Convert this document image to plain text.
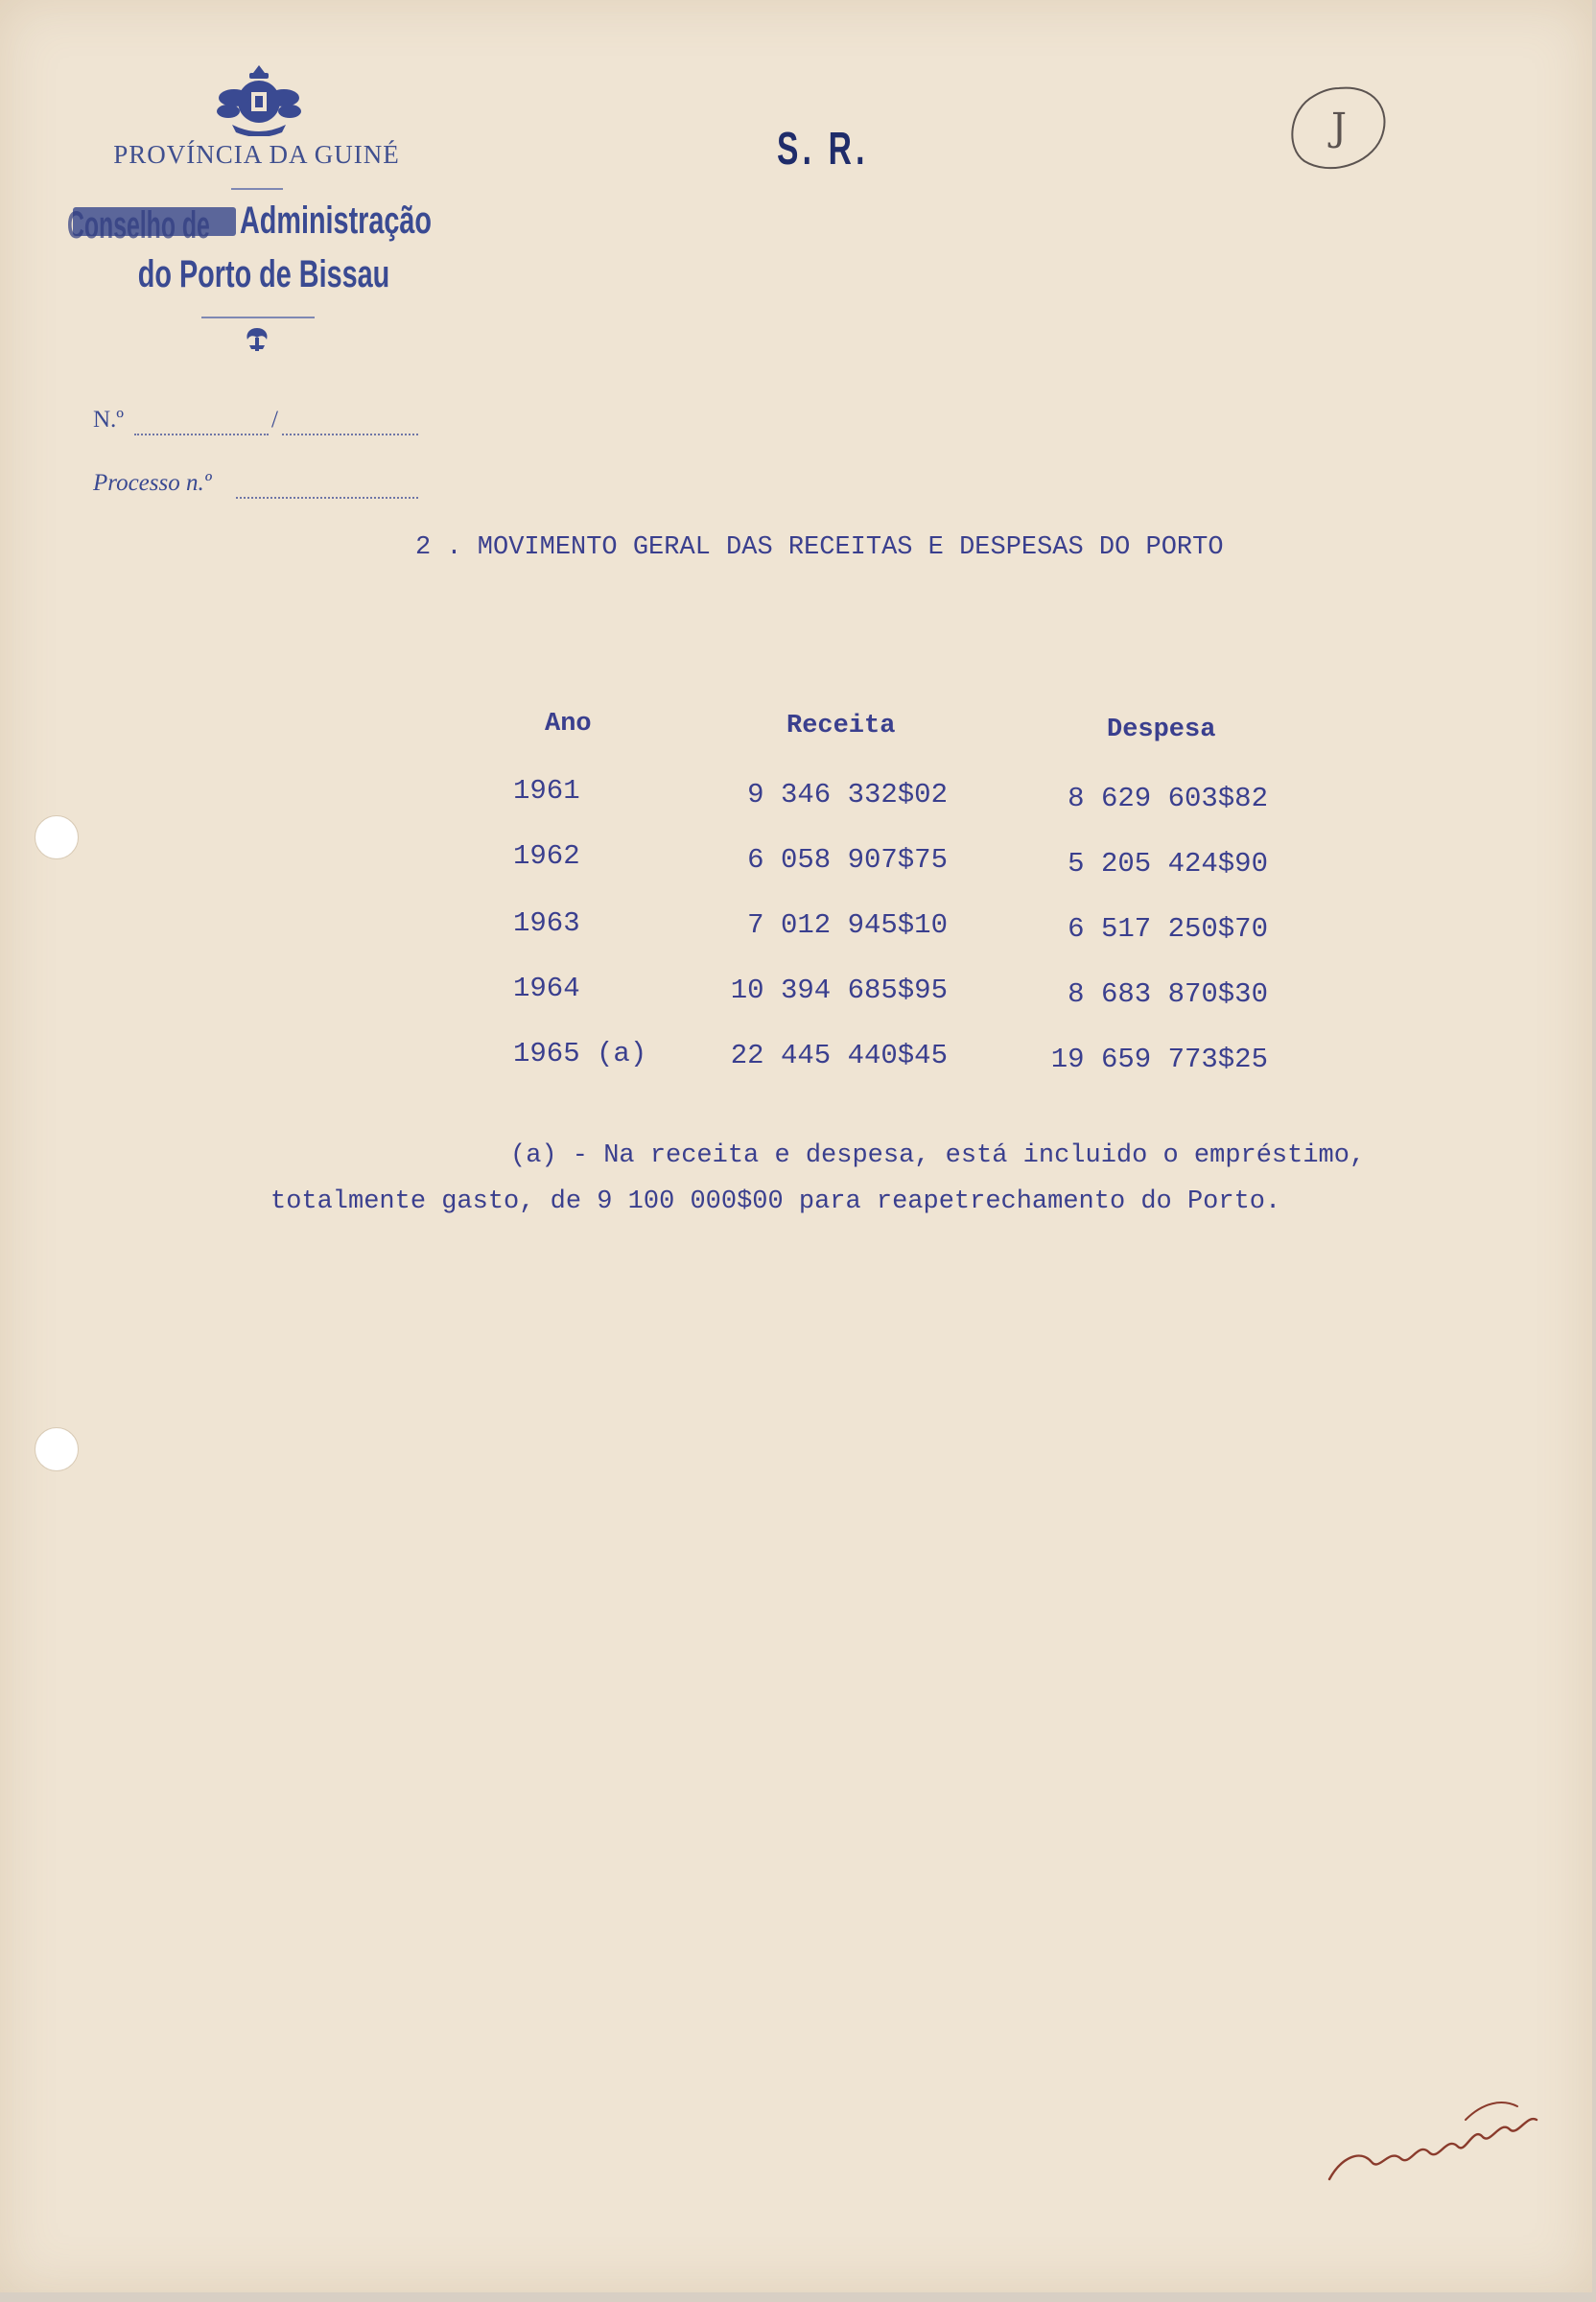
PROVÍNCIA DA GUINÉ
Conselho de Administração
do Porto de Bissau
S. R.
N.º	/
Processo n.º
2 . MOVIMENTO GERAL DAS RECEITAS E DESPESAS DO PORTO
Ano	Receita	Despesa
1961	9 346 332$02	8 629 603$82
1962	6 058 907$75	5 205 424$90
1963	7 012 945$10	6 517 250$70
1964	10 394 685$95	8 683 870$30
1965 (a)	22 445 440$45	19 659 773$25
(a) - Na receita e despesa, está incluido o empréstimo,
totalmente gasto, de 9 100 000$00 para reapetrechamento do Porto.
J
